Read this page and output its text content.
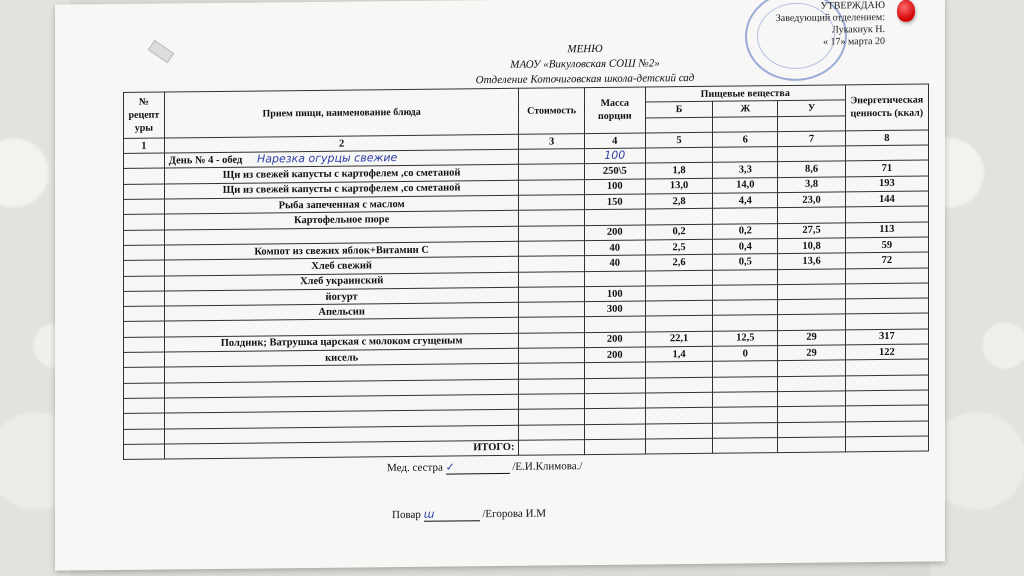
УТВЕРЖДАЮ
Заведующий отделением:
Лукакиук Н.
« 17» марта 20
МЕНЮ
МАОУ «Викуловская СОШ №2»
Отделение Коточиговская школа-детский сад
№ рецепт уры	Прием пищи, наименование блюда	Стоимость	Масса порции	Пищевые вещества			Энергетическая ценность (ккал)
				Б	Ж	У	

1	2	3	4	5	6	7	8
	День № 4 - обед Нарезка огурцы свежие		100				
	Щи из свежей капусты с картофелем ,со сметаной		250\5	1,8	3,3	8,6	71
	Щи из свежей капусты с картофелем ,со сметаной		100	13,0	14,0	3,8	193
	Рыба запеченная с маслом		150	2,8	4,4	23,0	144
	Картофельное пюре						
			200	0,2	0,2	27,5	113
	Компот из свежих яблок+Витамин С		40	2,5	0,4	10,8	59
	Хлеб свежий		40	2,6	0,5	13,6	72
	Хлеб украинский						
	йогурт		100				
	Апельсин		300				

	Полдник; Ватрушка царская с молоком сгущеным		200	22,1	12,5	29	317
	кисель		200	1,4	0	29	122

	ИТОГО:						
Мед. сестра ✓	/Е.И.Климова./
Повар ɯ	/Егорова И.М
